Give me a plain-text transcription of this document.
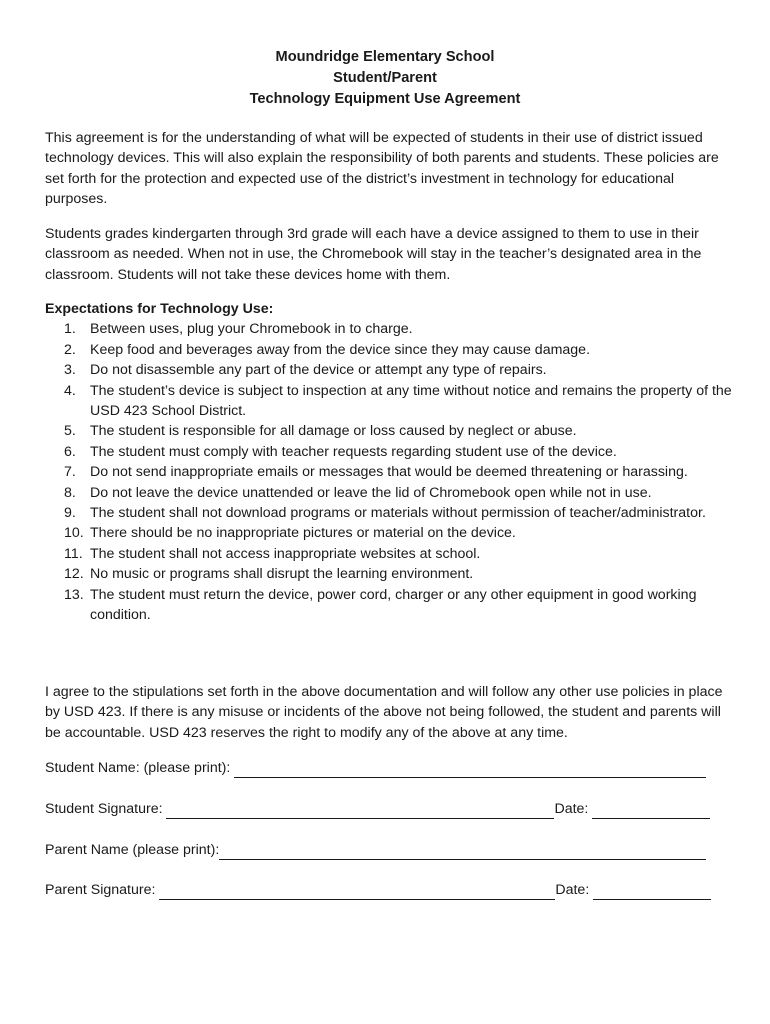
Moundridge Elementary School
Student/Parent
Technology Equipment Use Agreement

This agreement is for the understanding of what will be expected of students in their use of district issued technology devices. This will also explain the responsibility of both parents and students. These policies are set forth for the protection and expected use of the district’s investment in technology for educational purposes.

Students grades kindergarten through 3rd grade will each have a device assigned to them to use in their classroom as needed. When not in use, the Chromebook will stay in the teacher’s designated area in the classroom. Students will not take these devices home with them.

Expectations for Technology Use:
1. Between uses, plug your Chromebook in to charge.
2. Keep food and beverages away from the device since they may cause damage.
3. Do not disassemble any part of the device or attempt any type of repairs.
4. The student’s device is subject to inspection at any time without notice and remains the property of the USD 423 School District.
5. The student is responsible for all damage or loss caused by neglect or abuse.
6. The student must comply with teacher requests regarding student use of the device.
7. Do not send inappropriate emails or messages that would be deemed threatening or harassing.
8. Do not leave the device unattended or leave the lid of Chromebook open while not in use.
9. The student shall not download programs or materials without permission of teacher/administrator.
10. There should be no inappropriate pictures or material on the device.
11. The student shall not access inappropriate websites at school.
12. No music or programs shall disrupt the learning environment.
13. The student must return the device, power cord, charger or any other equipment in good working condition.

I agree to the stipulations set forth in the above documentation and will follow any other use policies in place by USD 423. If there is any misuse or incidents of the above not being followed, the student and parents will be accountable. USD 423 reserves the right to modify any of the above at any time.

Student Name: (please print):
Student Signature:	Date:
Parent Name (please print):
Parent Signature:	Date:
